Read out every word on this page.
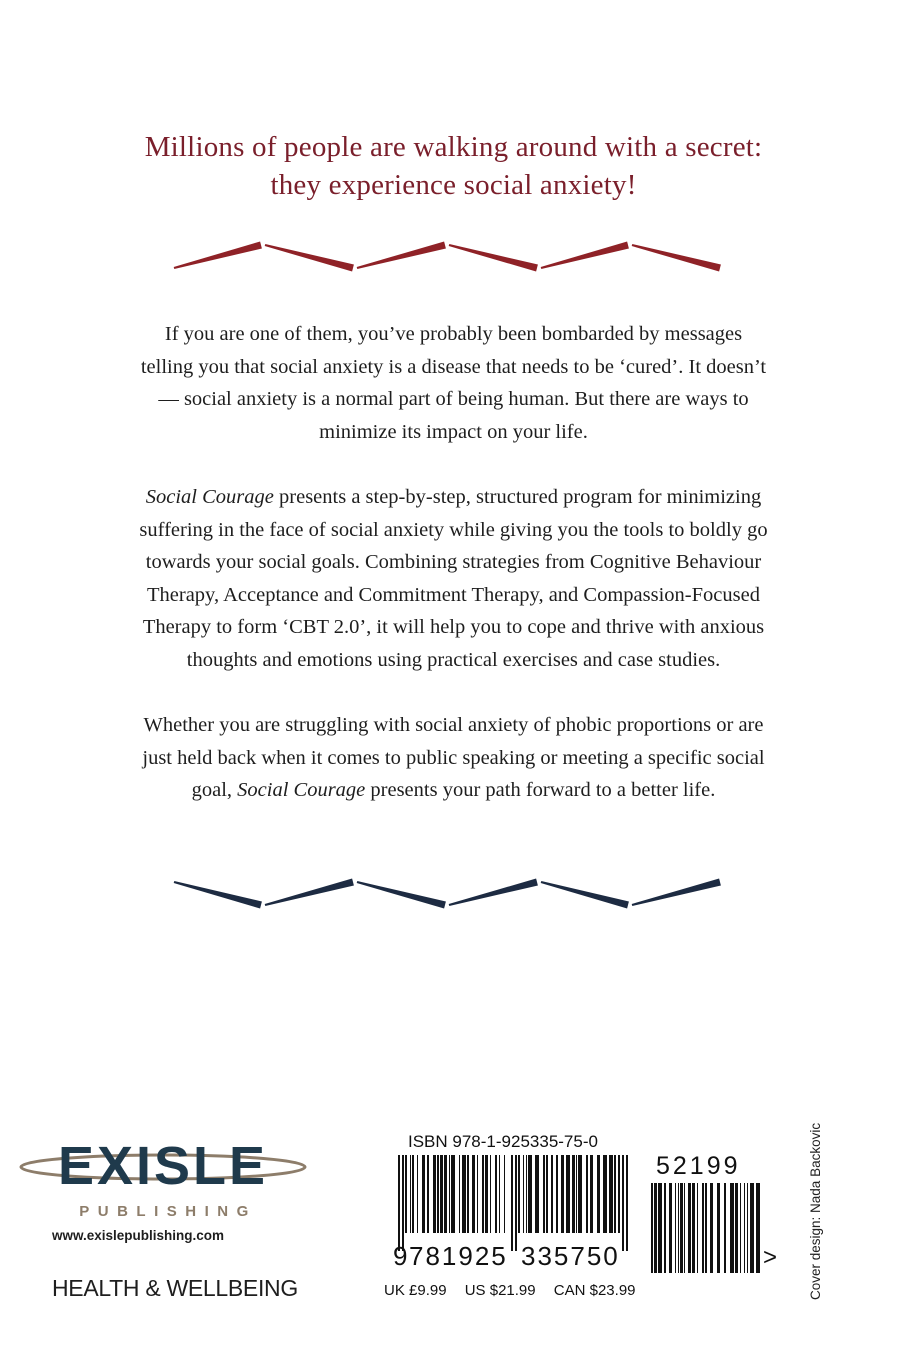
Millions of people are walking around with a secret:
they experience social anxiety!
If you are one of them, you’ve probably been bombarded by messages
telling you that social anxiety is a disease that needs to be ‘cured’. It doesn’t
— social anxiety is a normal part of being human. But there are ways to
minimize its impact on your life.
Social Courage presents a step-by-step, structured program for minimizing
suffering in the face of social anxiety while giving you the tools to boldly go
towards your social goals. Combining strategies from Cognitive Behaviour
Therapy, Acceptance and Commitment Therapy, and Compassion-Focused
Therapy to form ‘CBT 2.0’, it will help you to cope and thrive with anxious
thoughts and emotions using practical exercises and case studies.
Whether you are struggling with social anxiety of phobic proportions or are
just held back when it comes to public speaking or meeting a specific social
goal, Social Courage presents your path forward to a better life.
EXISLE
PUBLISHING
www.exislepublishing.com
HEALTH & WELLBEING
ISBN 978-1-925335-75-0
52199
9 781925 335750	>
UK £9.99 US $21.99 CAN $23.99	Cover design: Nada Backovic
